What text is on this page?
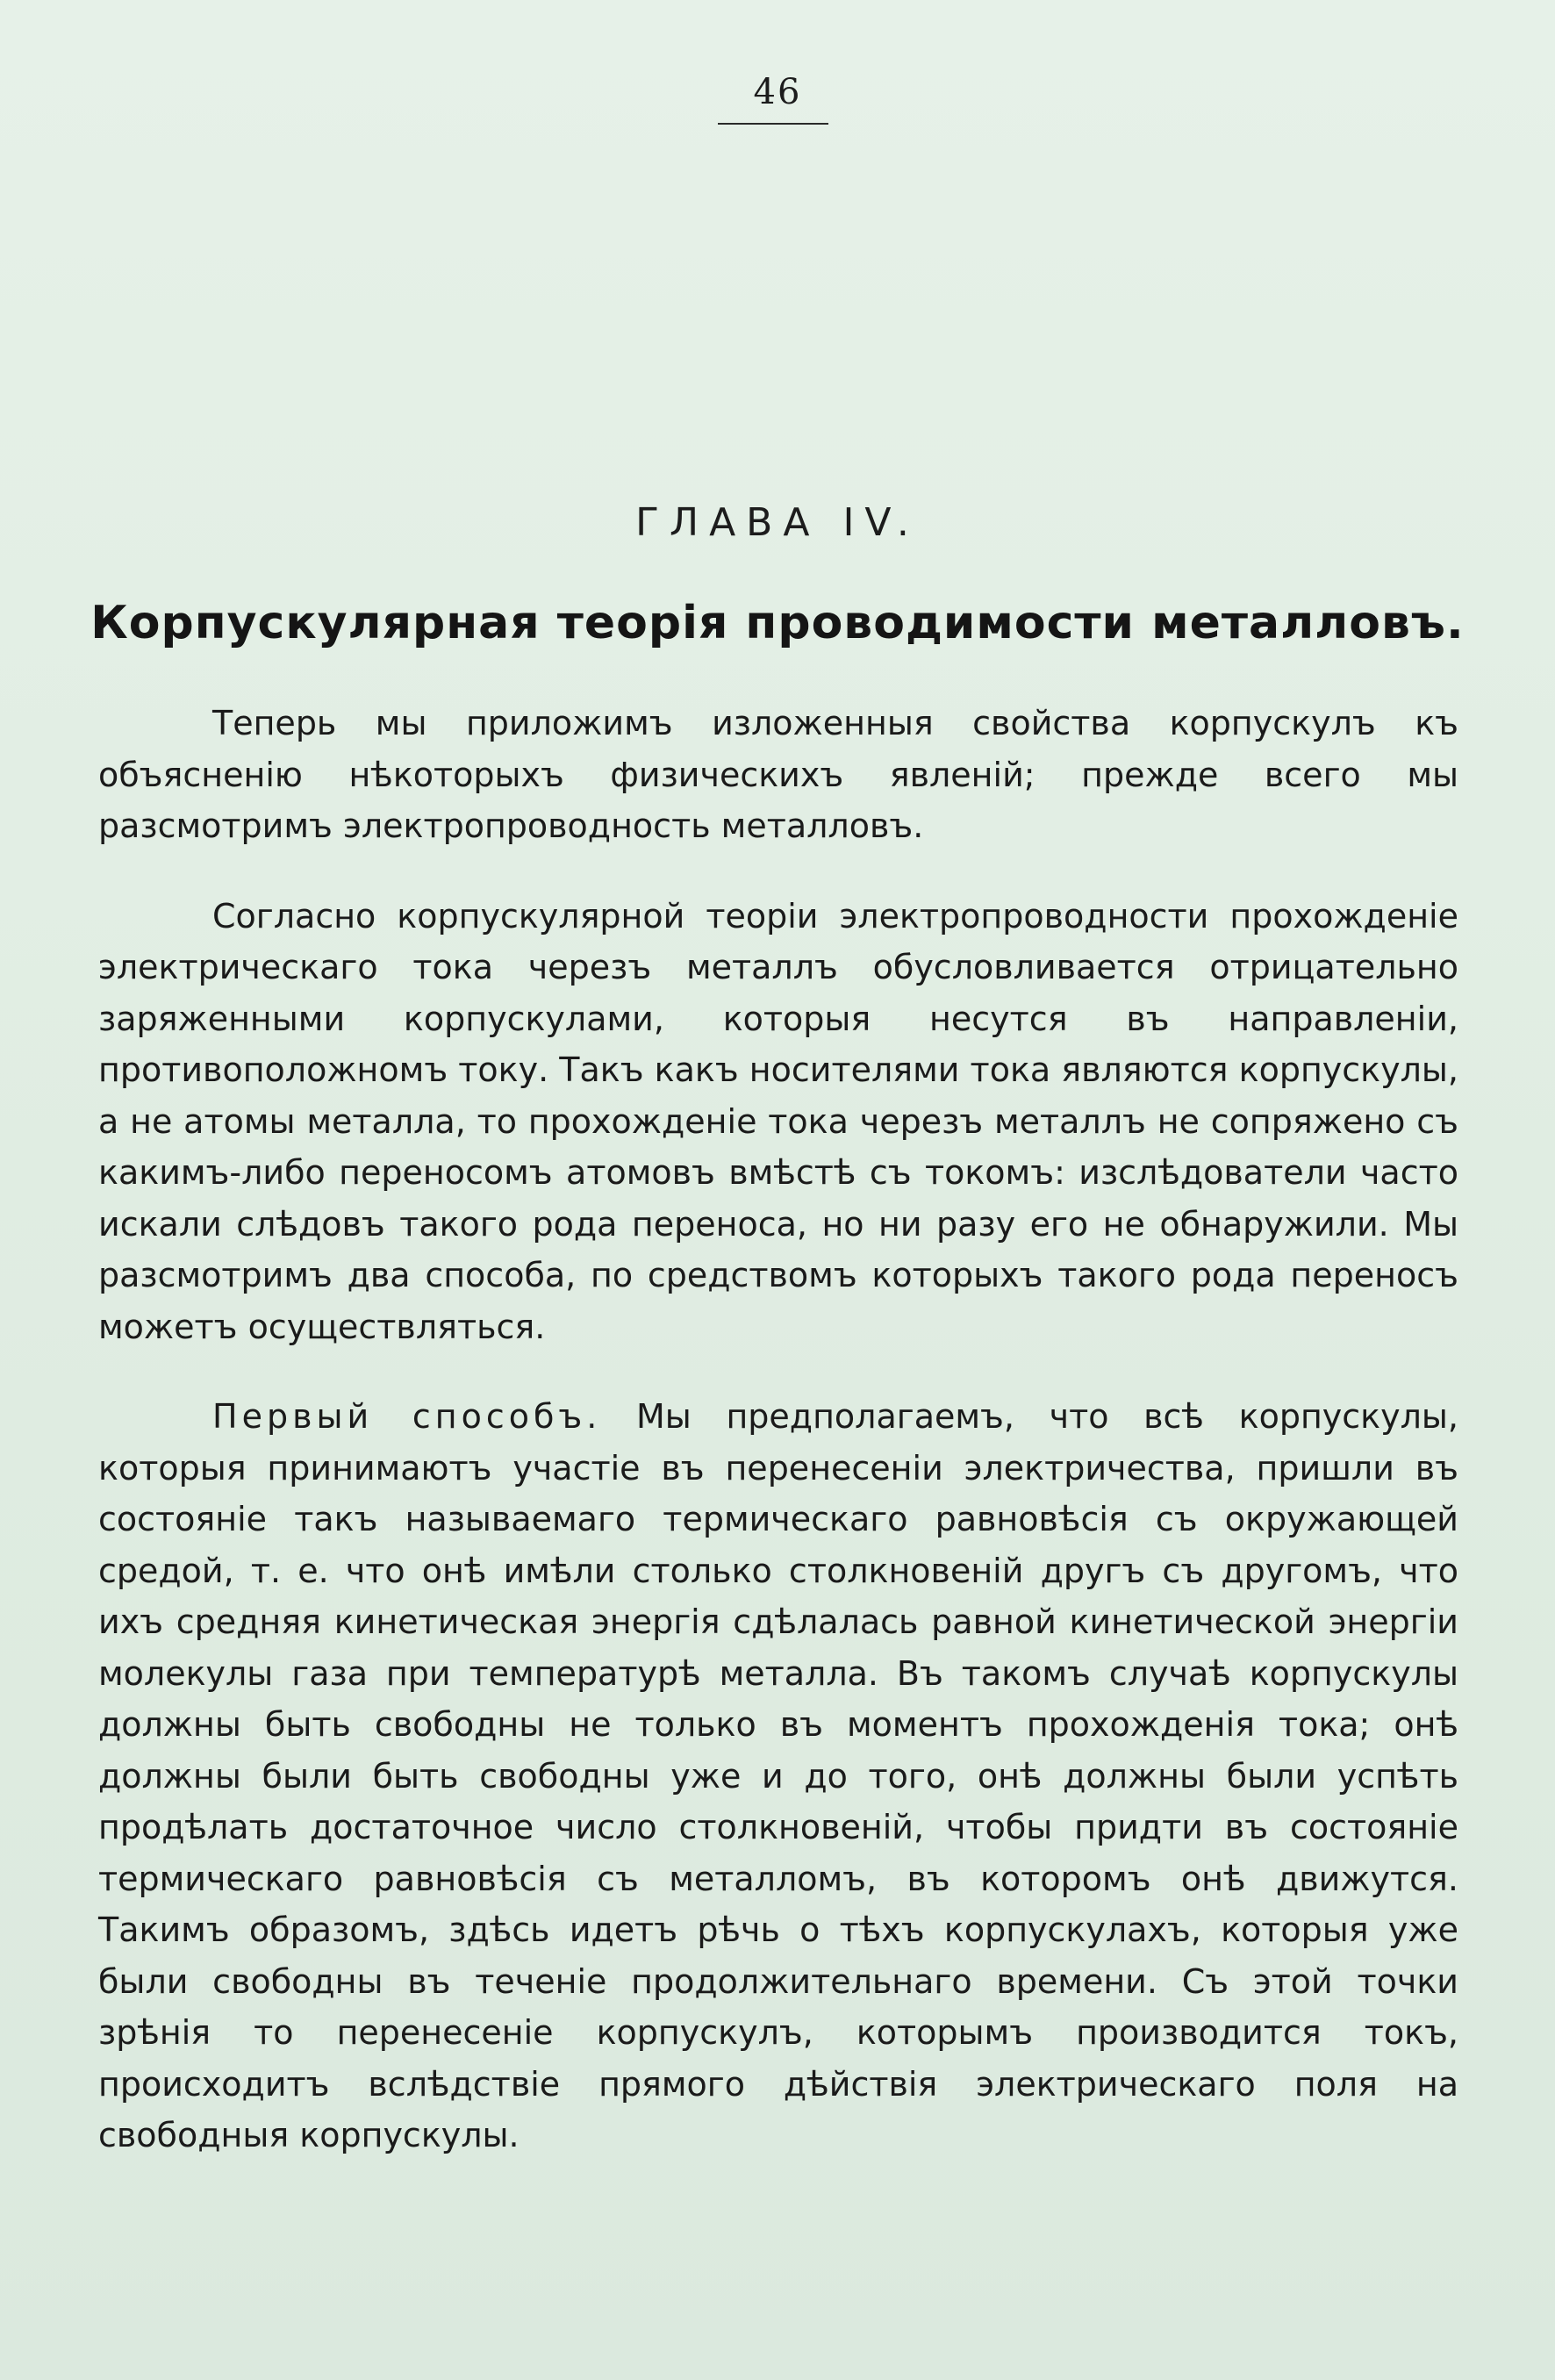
46
ГЛАВА IV.
Корпускулярная теорія проводимости металловъ.

Теперь мы приложимъ изложенныя свойства корпускулъ къ объясненію нѣкоторыхъ физическихъ явленій; прежде всего мы разсмотримъ электропроводность металловъ.

Согласно корпускулярной теоріи электропроводности прохожденіе электрическаго тока черезъ металлъ обусловливается отрицательно заряженными корпускулами, которыя несутся въ направленіи, противоположномъ току. Такъ какъ носителями тока являются корпускулы, а не атомы металла, то прохожденіе тока черезъ металлъ не сопряжено съ какимъ-либо переносомъ атомовъ вмѣстѣ съ токомъ: изслѣдователи часто искали слѣдовъ такого рода переноса, но ни разу его не обнаружили. Мы разсмотримъ два способа, по средствомъ которыхъ такого рода переносъ можетъ осуществляться.

Первый способъ. Мы предполагаемъ, что всѣ корпускулы, которыя принимаютъ участіе въ перенесеніи электричества, пришли въ состояніе такъ называемаго термическаго равновѣсія съ окружающей средой, т. е. что онѣ имѣли столько столкновеній другъ съ другомъ, что ихъ средняя кинетическая энергія сдѣлалась равной кинетической энергіи молекулы газа при температурѣ металла. Въ такомъ случаѣ корпускулы должны быть свободны не только въ моментъ прохожденія тока; онѣ должны были быть свободны уже и до того, онѣ должны были успѣть продѣлать достаточное число столкновеній, чтобы придти въ состояніе термическаго равновѣсія съ металломъ, въ которомъ онѣ движутся. Такимъ образомъ, здѣсь идетъ рѣчь о тѣхъ корпускулахъ, которыя уже были свободны въ теченіе продолжительнаго времени. Съ этой точки зрѣнія то перенесеніе корпускулъ, которымъ производится токъ, происходитъ вслѣдствіе прямого дѣйствія электрическаго поля на свободныя корпускулы.
